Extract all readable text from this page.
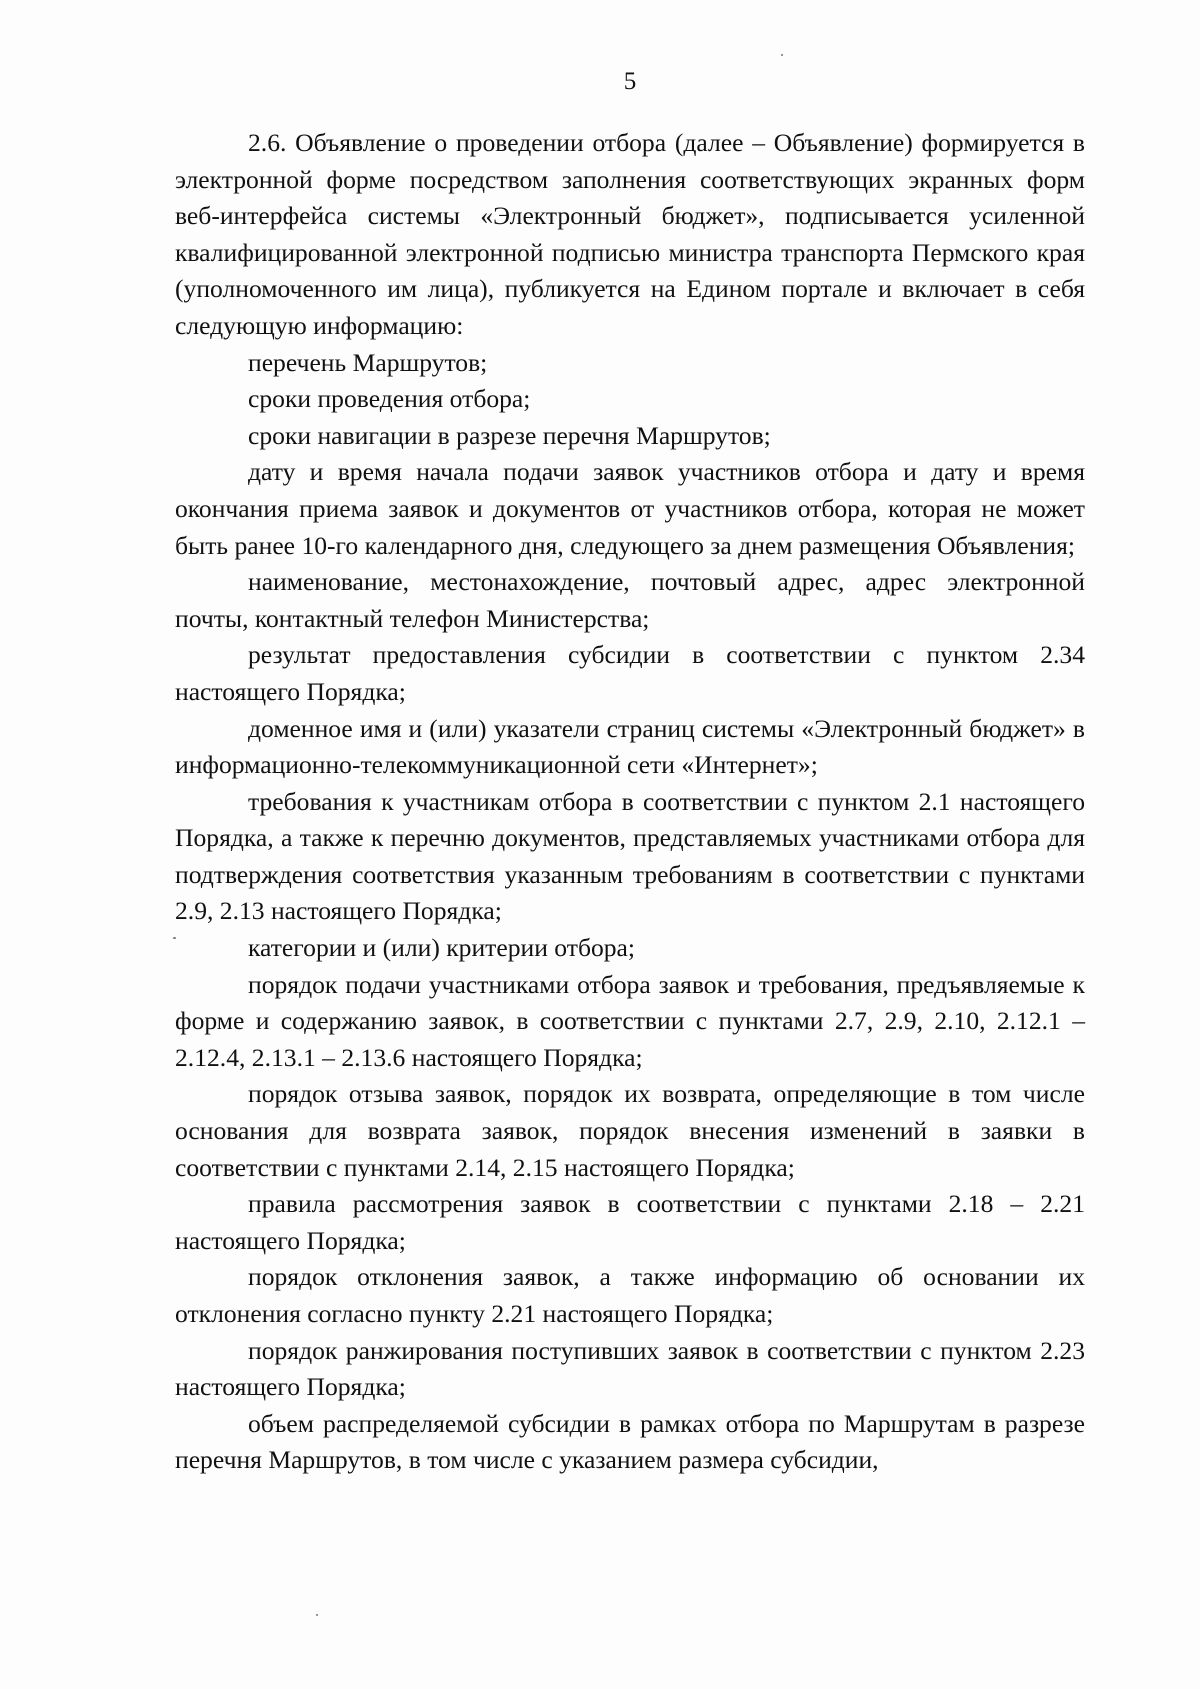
5

2.6. Объявление о проведении отбора (далее – Объявление) формируется в электронной форме посредством заполнения соответствующих экранных форм веб-интерфейса системы «Электронный бюджет», подписывается усиленной квалифицированной электронной подписью министра транспорта Пермского края (уполномоченного им лица), публикуется на Едином портале и включает в себя следующую информацию:

перечень Маршрутов;

сроки проведения отбора;

сроки навигации в разрезе перечня Маршрутов;

дату и время начала подачи заявок участников отбора и дату и время окончания приема заявок и документов от участников отбора, которая не может быть ранее 10-го календарного дня, следующего за днем размещения Объявления;

наименование, местонахождение, почтовый адрес, адрес электронной почты, контактный телефон Министерства;

результат предоставления субсидии в соответствии с пунктом 2.34 настоящего Порядка;

доменное имя и (или) указатели страниц системы «Электронный бюджет» в информационно-телекоммуникационной сети «Интернет»;

требования к участникам отбора в соответствии с пунктом 2.1 настоящего Порядка, а также к перечню документов, представляемых участниками отбора для подтверждения соответствия указанным требованиям в соответствии с пунктами 2.9, 2.13 настоящего Порядка;

категории и (или) критерии отбора;

порядок подачи участниками отбора заявок и требования, предъявляемые к форме и содержанию заявок, в соответствии с пунктами 2.7, 2.9, 2.10, 2.12.1 – 2.12.4, 2.13.1 – 2.13.6 настоящего Порядка;

порядок отзыва заявок, порядок их возврата, определяющие в том числе основания для возврата заявок, порядок внесения изменений в заявки в соответствии с пунктами 2.14, 2.15 настоящего Порядка;

правила рассмотрения заявок в соответствии с пунктами 2.18 – 2.21 настоящего Порядка;

порядок отклонения заявок, а также информацию об основании их отклонения согласно пункту 2.21 настоящего Порядка;

порядок ранжирования поступивших заявок в соответствии с пунктом 2.23 настоящего Порядка;

объем распределяемой субсидии в рамках отбора по Маршрутам в разрезе перечня Маршрутов, в том числе с указанием размера субсидии,
